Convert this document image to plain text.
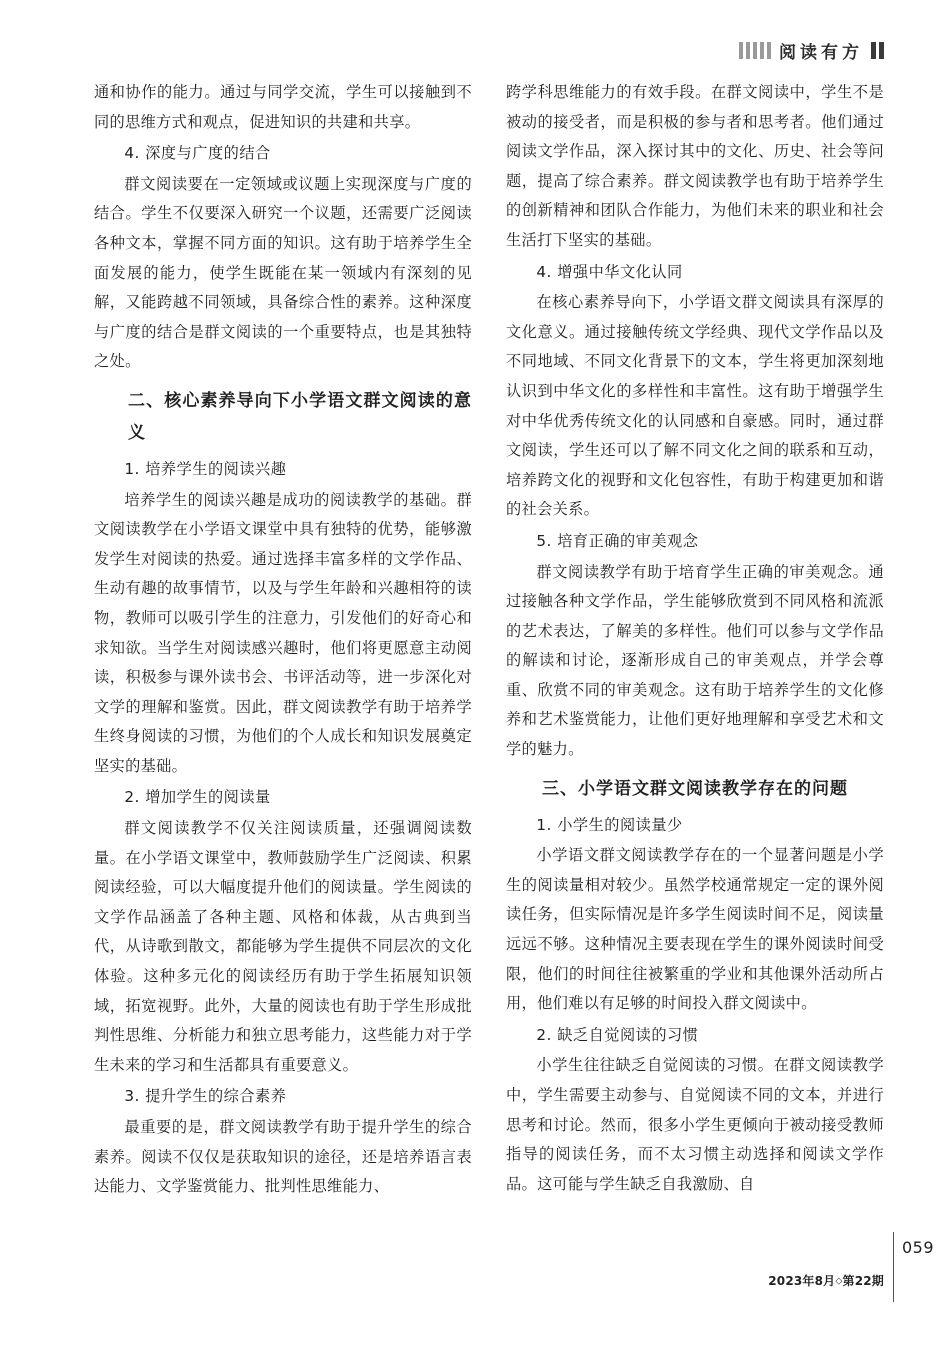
阅读有方

通和协作的能力。通过与同学交流，学生可以接触到不同的思维方式和观点，促进知识的共建和共享。

4. 深度与广度的结合

群文阅读要在一定领域或议题上实现深度与广度的结合。学生不仅要深入研究一个议题，还需要广泛阅读各种文本，掌握不同方面的知识。这有助于培养学生全面发展的能力，使学生既能在某一领域内有深刻的见解，又能跨越不同领域，具备综合性的素养。这种深度与广度的结合是群文阅读的一个重要特点，也是其独特之处。

二、核心素养导向下小学语文群文阅读的意义
1. 培养学生的阅读兴趣

培养学生的阅读兴趣是成功的阅读教学的基础。群文阅读教学在小学语文课堂中具有独特的优势，能够激发学生对阅读的热爱。通过选择丰富多样的文学作品、生动有趣的故事情节，以及与学生年龄和兴趣相符的读物，教师可以吸引学生的注意力，引发他们的好奇心和求知欲。当学生对阅读感兴趣时，他们将更愿意主动阅读，积极参与课外读书会、书评活动等，进一步深化对文学的理解和鉴赏。因此，群文阅读教学有助于培养学生终身阅读的习惯，为他们的个人成长和知识发展奠定坚实的基础。

2. 增加学生的阅读量

群文阅读教学不仅关注阅读质量，还强调阅读数量。在小学语文课堂中，教师鼓励学生广泛阅读、积累阅读经验，可以大幅度提升他们的阅读量。学生阅读的文学作品涵盖了各种主题、风格和体裁，从古典到当代，从诗歌到散文，都能够为学生提供不同层次的文化体验。这种多元化的阅读经历有助于学生拓展知识领域，拓宽视野。此外，大量的阅读也有助于学生形成批判性思维、分析能力和独立思考能力，这些能力对于学生未来的学习和生活都具有重要意义。

3. 提升学生的综合素养

最重要的是，群文阅读教学有助于提升学生的综合素养。阅读不仅仅是获取知识的途径，还是培养语言表达能力、文学鉴赏能力、批判性思维能力、

跨学科思维能力的有效手段。在群文阅读中，学生不是被动的接受者，而是积极的参与者和思考者。他们通过阅读文学作品，深入探讨其中的文化、历史、社会等问题，提高了综合素养。群文阅读教学也有助于培养学生的创新精神和团队合作能力，为他们未来的职业和社会生活打下坚实的基础。

4. 增强中华文化认同

在核心素养导向下，小学语文群文阅读具有深厚的文化意义。通过接触传统文学经典、现代文学作品以及不同地域、不同文化背景下的文本，学生将更加深刻地认识到中华文化的多样性和丰富性。这有助于增强学生对中华优秀传统文化的认同感和自豪感。同时，通过群文阅读，学生还可以了解不同文化之间的联系和互动，培养跨文化的视野和文化包容性，有助于构建更加和谐的社会关系。

5. 培育正确的审美观念

群文阅读教学有助于培育学生正确的审美观念。通过接触各种文学作品，学生能够欣赏到不同风格和流派的艺术表达，了解美的多样性。他们可以参与文学作品的解读和讨论，逐渐形成自己的审美观点，并学会尊重、欣赏不同的审美观念。这有助于培养学生的文化修养和艺术鉴赏能力，让他们更好地理解和享受艺术和文学的魅力。

三、小学语文群文阅读教学存在的问题
1. 小学生的阅读量少

小学语文群文阅读教学存在的一个显著问题是小学生的阅读量相对较少。虽然学校通常规定一定的课外阅读任务，但实际情况是许多学生阅读时间不足，阅读量远远不够。这种情况主要表现在学生的课外阅读时间受限，他们的时间往往被繁重的学业和其他课外活动所占用，他们难以有足够的时间投入群文阅读中。

2. 缺乏自觉阅读的习惯

小学生往往缺乏自觉阅读的习惯。在群文阅读教学中，学生需要主动参与、自觉阅读不同的文本，并进行思考和讨论。然而，很多小学生更倾向于被动接受教师指导的阅读任务，而不太习惯主动选择和阅读文学作品。这可能与学生缺乏自我激励、自

059
2023年8月◇第22期
